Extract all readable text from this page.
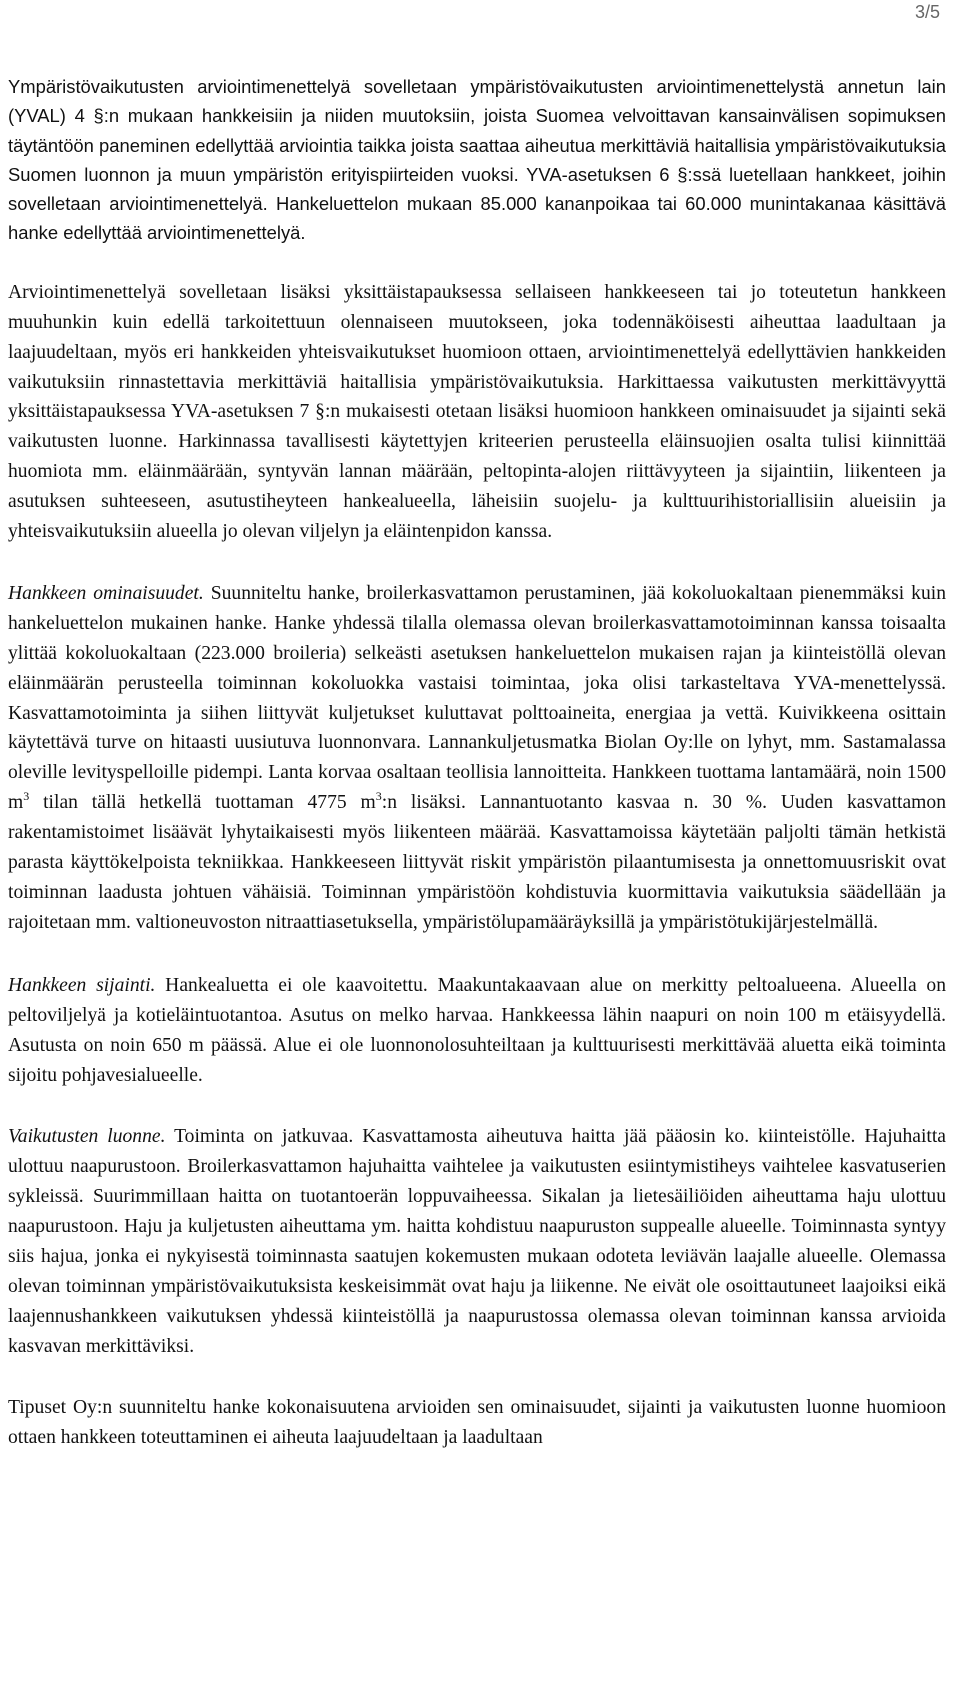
3/5

Ympäristövaikutusten arviointimenettelyä sovelletaan ympäristövaikutusten arviointimenettelystä annetun lain (YVAL) 4 §:n mukaan hankkeisiin ja niiden muutoksiin, joista Suomea velvoittavan kansainvälisen sopimuksen täytäntöön paneminen edellyttää arviointia taikka joista saattaa aiheutua merkittäviä haitallisia ympäristövaikutuksia Suomen luonnon ja muun ympäristön erityispiirteiden vuoksi. YVA-asetuksen 6 §:ssä luetellaan hankkeet, joihin sovelletaan arviointimenettelyä. Hankeluettelon mukaan 85.000 kananpoikaa tai 60.000 munintakanaa käsittävä hanke edellyttää arviointimenettelyä.

Arviointimenettelyä sovelletaan lisäksi yksittäistapauksessa sellaiseen hankkeeseen tai jo toteutetun hankkeen muuhunkin kuin edellä tarkoitettuun olennaiseen muutokseen, joka todennäköisesti aiheuttaa laadultaan ja laajuudeltaan, myös eri hankkeiden yhteisvaikutukset huomioon ottaen, arviointimenettelyä edellyttävien hankkeiden vaikutuksiin rinnastettavia merkittäviä haitallisia ympäristövaikutuksia. Harkittaessa vaikutusten merkittävyyttä yksittäistapauksessa YVA-asetuksen 7 §:n mukaisesti otetaan lisäksi huomioon hankkeen ominaisuudet ja sijainti sekä vaikutusten luonne. Harkinnassa tavallisesti käytettyjen kriteerien perusteella eläinsuojien osalta tulisi kiinnittää huomiota mm. eläinmäärään, syntyvän lannan määrään, peltopinta-alojen riittävyyteen ja sijaintiin, liikenteen ja asutuksen suhteeseen, asutustiheyteen hankealueella, läheisiin suojelu- ja kulttuurihistoriallisiin alueisiin ja yhteisvaikutuksiin alueella jo olevan viljelyn ja eläintenpidon kanssa.

Hankkeen ominaisuudet. Suunniteltu hanke, broilerkasvattamon perustaminen, jää kokoluokaltaan pienemmäksi kuin hankeluettelon mukainen hanke. Hanke yhdessä tilalla olemassa olevan broilerkasvattamotoiminnan kanssa toisaalta ylittää kokoluokaltaan (223.000 broileria) selkeästi asetuksen hankeluettelon mukaisen rajan ja kiinteistöllä olevan eläinmäärän perusteella toiminnan kokoluokka vastaisi toimintaa, joka olisi tarkasteltava YVA-menettelyssä. Kasvattamotoiminta ja siihen liittyvät kuljetukset kuluttavat polttoaineita, energiaa ja vettä. Kuivikkeena osittain käytettävä turve on hitaasti uusiutuva luonnonvara. Lannankuljetusmatka Biolan Oy:lle on lyhyt, mm. Sastamalassa oleville levityspelloille pidempi. Lanta korvaa osaltaan teollisia lannoitteita. Hankkeen tuottama lantamäärä, noin 1500 $m^3$ tilan tällä hetkellä tuottaman 4775 $m^3:n$ lisäksi. Lannantuotanto kasvaa n. 30 %. Uuden kasvattamon rakentamistoimet lisäävät lyhytaikaisesti myös liikenteen määrää. Kasvattamoissa käytetään paljolti tämän hetkistä parasta käyttökelpoista tekniikkaa. Hankkeeseen liittyvät riskit ympäristön pilaantumisesta ja onnettomuusriskit ovat toiminnan laadusta johtuen vähäisiä. Toiminnan ympäristöön kohdistuvia kuormittavia vaikutuksia säädellään ja rajoitetaan mm. valtioneuvoston nitraattiasetuksella, ympäristölupamääräyksillä ja ympäristötukijärjestelmällä.

Hankkeen sijainti. Hankealuetta ei ole kaavoitettu. Maakuntakaavaan alue on merkitty peltoalueena. Alueella on peltoviljelyä ja kotieläintuotantoa. Asutus on melko harvaa. Hankkeessa lähin naapuri on noin 100 m etäisyydellä. Asutusta on noin 650 m päässä. Alue ei ole luonnonolosuhteiltaan ja kulttuurisesti merkittävää aluetta eikä toiminta sijoitu pohjavesialueelle.

Vaikutusten luonne. Toiminta on jatkuvaa. Kasvattamosta aiheutuva haitta jää pääosin ko. kiinteistölle. Hajuhaitta ulottuu naapurustoon. Broilerkasvattamon hajuhaitta vaihtelee ja vaikutusten esiintymistiheys vaihtelee kasvatuserien sykleissä. Suurimmillaan haitta on tuotantoerän loppuvaiheessa. Sikalan ja lietesäiliöiden aiheuttama haju ulottuu naapurustoon. Haju ja kuljetusten aiheuttama ym. haitta kohdistuu naapuruston suppealle alueelle. Toiminnasta syntyy siis hajua, jonka ei nykyisestä toiminnasta saatujen kokemusten mukaan odoteta leviävän laajalle alueelle. Olemassa olevan toiminnan ympäristövaikutuksista keskeisimmät ovat haju ja liikenne. Ne eivät ole osoittautuneet laajoiksi eikä laajennushankkeen vaikutuksen yhdessä kiinteistöllä ja naapurustossa olemassa olevan toiminnan kanssa arvioida kasvavan merkittäviksi.

Tipuset Oy:n suunniteltu hanke kokonaisuutena arvioiden sen ominaisuudet, sijainti ja vaikutusten luonne huomioon ottaen hankkeen toteuttaminen ei aiheuta laajuudeltaan ja laadultaan
